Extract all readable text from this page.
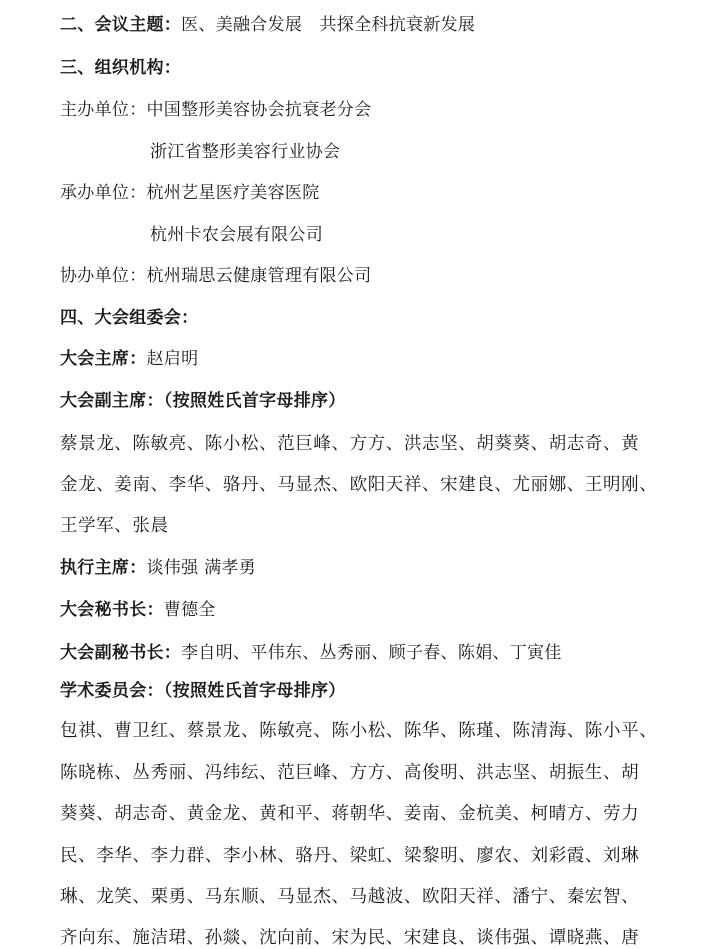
二、会议主题：医、美融合发展　共探全科抗衰新发展
三、组织机构：
主办单位：中国整形美容协会抗衰老分会
浙江省整形美容行业协会
承办单位：杭州艺星医疗美容医院
杭州卡农会展有限公司
协办单位：杭州瑞思云健康管理有限公司
四、大会组委会：
大会主席：赵启明
大会副主席：（按照姓氏首字母排序）
蔡景龙、陈敏亮、陈小松、范巨峰、方方、洪志坚、胡葵葵、胡志奇、黄
金龙、姜南、李华、骆丹、马显杰、欧阳天祥、宋建良、尤丽娜、王明刚、
王学军、张晨
执行主席：谈伟强 满孝勇
大会秘书长：曹德全
大会副秘书长：李自明、平伟东、丛秀丽、顾子春、陈娟、丁寅佳
学术委员会：（按照姓氏首字母排序）
包祺、曹卫红、蔡景龙、陈敏亮、陈小松、陈华、陈瑾、陈清海、陈小平、
陈晓栋、丛秀丽、冯纬纭、范巨峰、方方、高俊明、洪志坚、胡振生、胡
葵葵、胡志奇、黄金龙、黄和平、蒋朝华、姜南、金杭美、柯晴方、劳力
民、李华、李力群、李小林、骆丹、梁虹、梁黎明、廖农、刘彩霞、刘琳
琳、龙笑、栗勇、马东顺、马显杰、马越波、欧阳天祥、潘宁、秦宏智、
齐向东、施洁珺、孙燚、沈向前、宋为民、宋建良、谈伟强、谭晓燕、唐
